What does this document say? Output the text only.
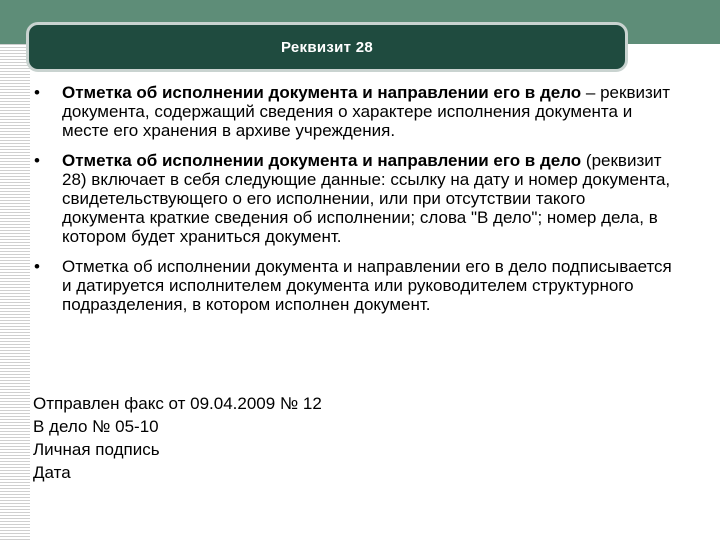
Реквизит 28
• Отметка об исполнении документа и направлении его в дело – реквизит документа, содержащий сведения о характере исполнения документа и месте его хранения в архиве учреждения.
• Отметка об исполнении документа и направлении его в дело (реквизит 28) включает в себя следующие данные: ссылку на дату и номер документа, свидетельствующего о его исполнении, или при отсутствии такого документа краткие сведения об исполнении; слова "В дело"; номер дела, в котором будет храниться документ.
• Отметка об исполнении документа и направлении его в дело подписывается и датируется исполнителем документа или руководителем структурного подразделения, в котором исполнен документ.
Отправлен факс от 09.04.2009 № 12
В дело № 05-10
Личная подпись
Дата
